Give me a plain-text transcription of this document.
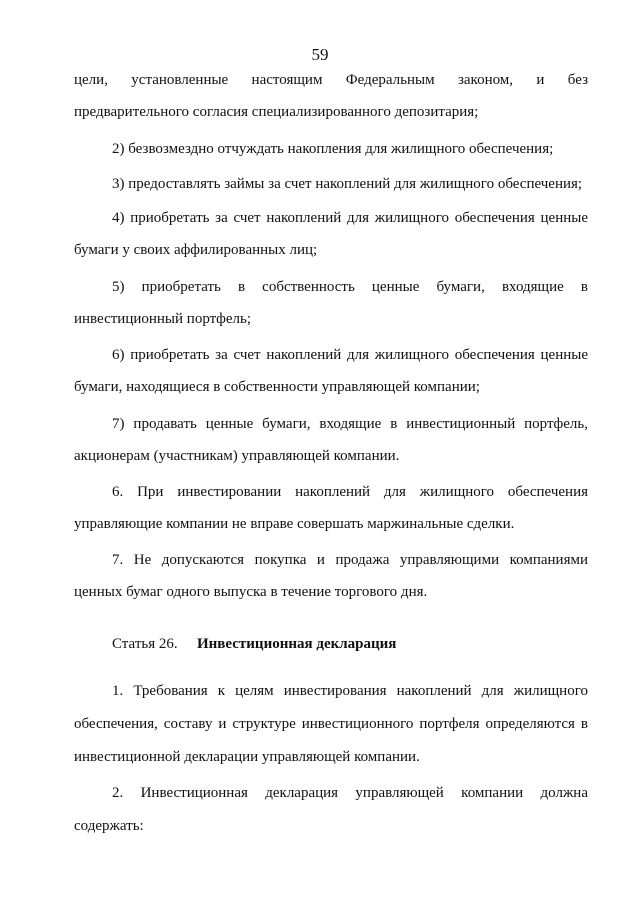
59
цели, установленные настоящим Федеральным законом, и без
предварительного согласия специализированного депозитария;
2) безвозмездно отчуждать накопления для жилищного обеспечения;
3) предоставлять займы за счет накоплений для жилищного обеспечения;
4) приобретать за счет накоплений для жилищного обеспечения ценные
бумаги у своих аффилированных лиц;
5) приобретать в собственность ценные бумаги, входящие в
инвестиционный портфель;
6) приобретать за счет накоплений для жилищного обеспечения ценные
бумаги, находящиеся в собственности управляющей компании;
7) продавать ценные бумаги, входящие в инвестиционный портфель,
акционерам (участникам) управляющей компании.
6. При инвестировании накоплений для жилищного обеспечения
управляющие компании не вправе совершать маржинальные сделки.
7. Не допускаются покупка и продажа управляющими компаниями
ценных бумаг одного выпуска в течение торгового дня.
Статья 26. Инвестиционная декларация
1. Требования к целям инвестирования накоплений для жилищного
обеспечения, составу и структуре инвестиционного портфеля определяются в
инвестиционной декларации управляющей компании.
2. Инвестиционная декларация управляющей компании должна
содержать:
